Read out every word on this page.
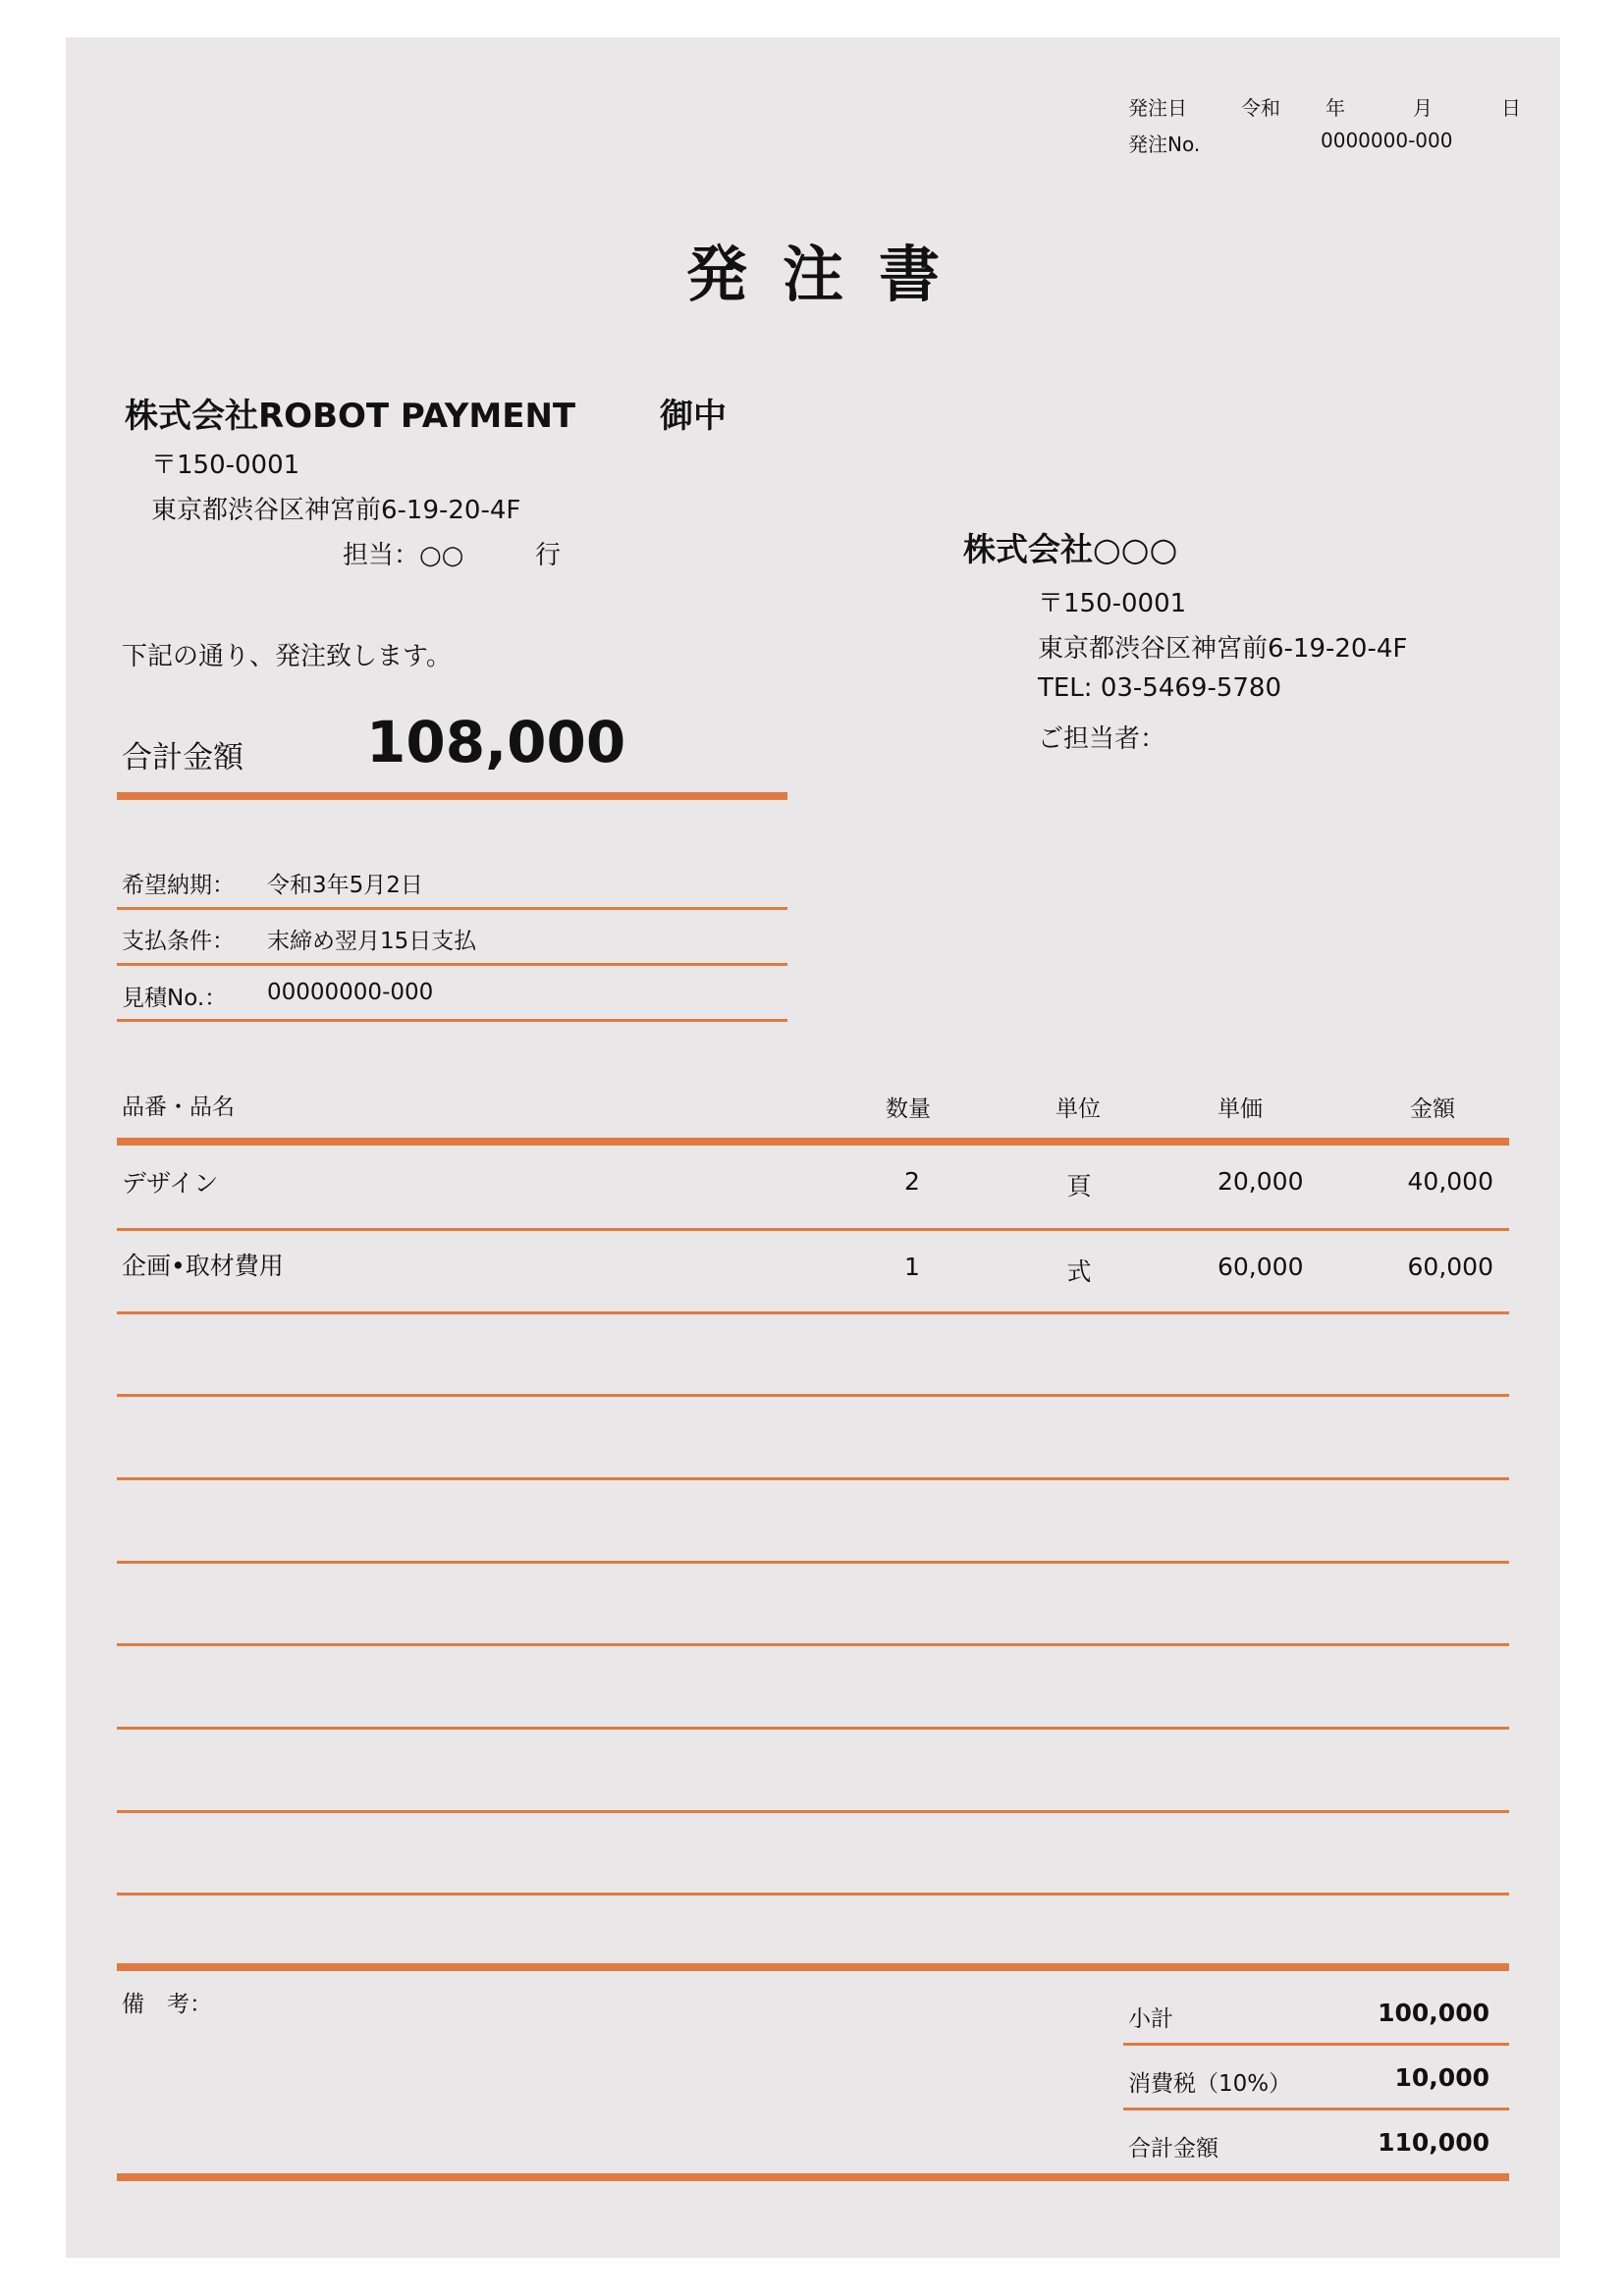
発注日	令和 年	月	日
発注No.	0000000-000
発注書
株式会社ROBOT PAYMENT	御中
〒150-0001
東京都渋谷区神宮前6-19-20-4F
担当：○○	行	株式会社○○○
〒150-0001
東京都渋谷区神宮前6-19-20-4F
TEL: 03-5469-5780
ご担当者：
下記の通り、発注致します。
合計金額 108,000
希望納期： 令和3年5月2日
支払条件： 末締め翌月15日支払
見積No.： 00000000-000
品番・品名	数量	単位	単価	金額
デザイン	2	頁	20,000	40,000
企画•取材費用	1	式	60,000	60,000
備　考：
小計	100,000
消費税（10%）	10,000
合計金額	110,000
